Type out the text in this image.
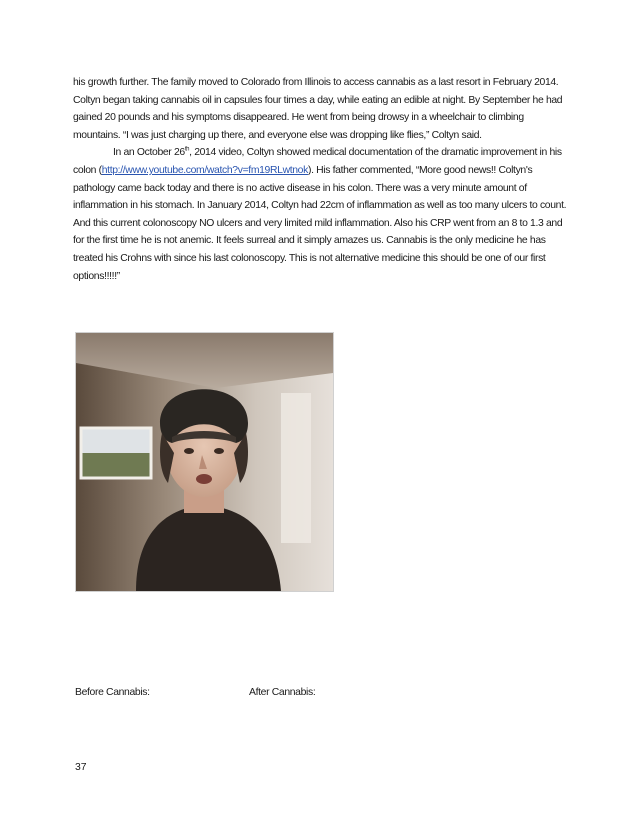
his growth further. The family moved to Colorado from Illinois to access cannabis as a last resort in February 2014. Coltyn began taking cannabis oil in capsules four times a day, while eating an edible at night. By September he had gained 20 pounds and his symptoms disappeared. He went from being drowsy in a wheelchair to climbing mountains. “I was just charging up there, and everyone else was dropping like flies,” Coltyn said.

In an October 26th, 2014 video, Coltyn showed medical documentation of the dramatic improvement in his colon (http://www.youtube.com/watch?v=fm19RLwtnok). His father commented, “More good news!! Coltyn's pathology came back today and there is no active disease in his colon. There was a very minute amount of inflammation in his stomach. In January 2014, Coltyn had 22cm of inflammation as well as too many ulcers to count. And this current colonoscopy NO ulcers and very limited mild inflammation. Also his CRP went from an 8 to 1.3 and for the first time he is not anemic. It feels surreal and it simply amazes us. Cannabis is the only medicine he has treated his Crohns with since his last colonoscopy. This is not alternative medicine this should be one of our first options!!!!!”

Before Cannabis:	After Cannabis:
37
